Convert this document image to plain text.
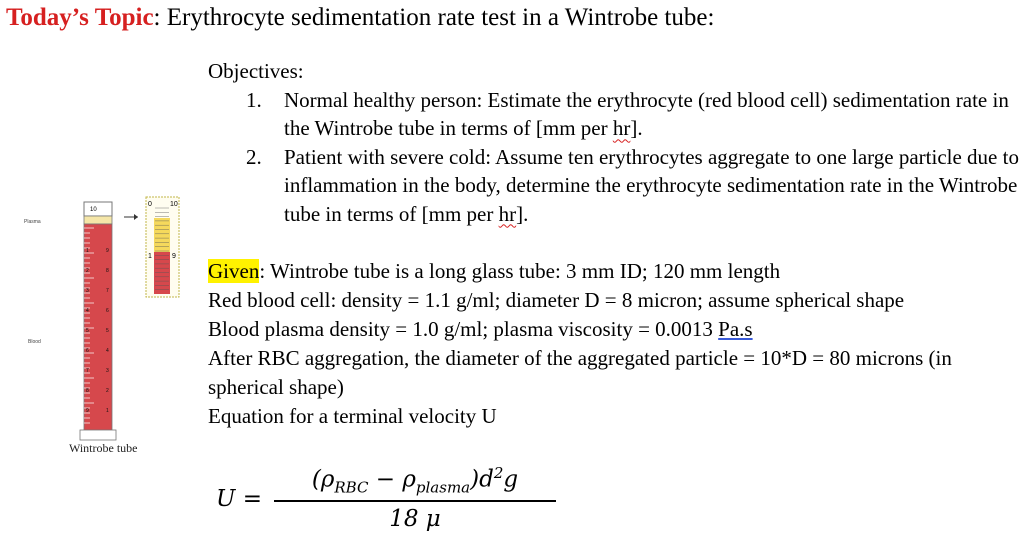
Today’s Topic: Erythrocyte sedimentation rate test in a Wintrobe tube:
Objectives:
1.	Normal healthy person: Estimate the erythrocyte (red blood cell) sedimentation rate in the Wintrobe tube in terms of [mm per hr].
2.	Patient with severe cold: Assume ten erythrocytes aggregate to one large particle due to inflammation in the body, determine the erythrocyte sedimentation rate in the Wintrobe tube in terms of [mm per hr].
Given: Wintrobe tube is a long glass tube: 3 mm ID; 120 mm length
Red blood cell: density = 1.1 g/ml; diameter D = 8 micron; assume spherical shape
Blood plasma density = 1.0 g/ml; plasma viscosity = 0.0013 Pa.s
After RBC aggregation, the diameter of the aggregated particle = 10*D = 80 microns (in spherical shape)
Equation for a terminal velocity U
U =
$(\rho_{RBC} - \rho_{plasma})d^2g$
18 μ
Plasma
Blood
1	9
2	8
3	7
4	6
5	5
6	4
7	3
8	2
9	1
0	10
1	9
10
Wintrobe tube
